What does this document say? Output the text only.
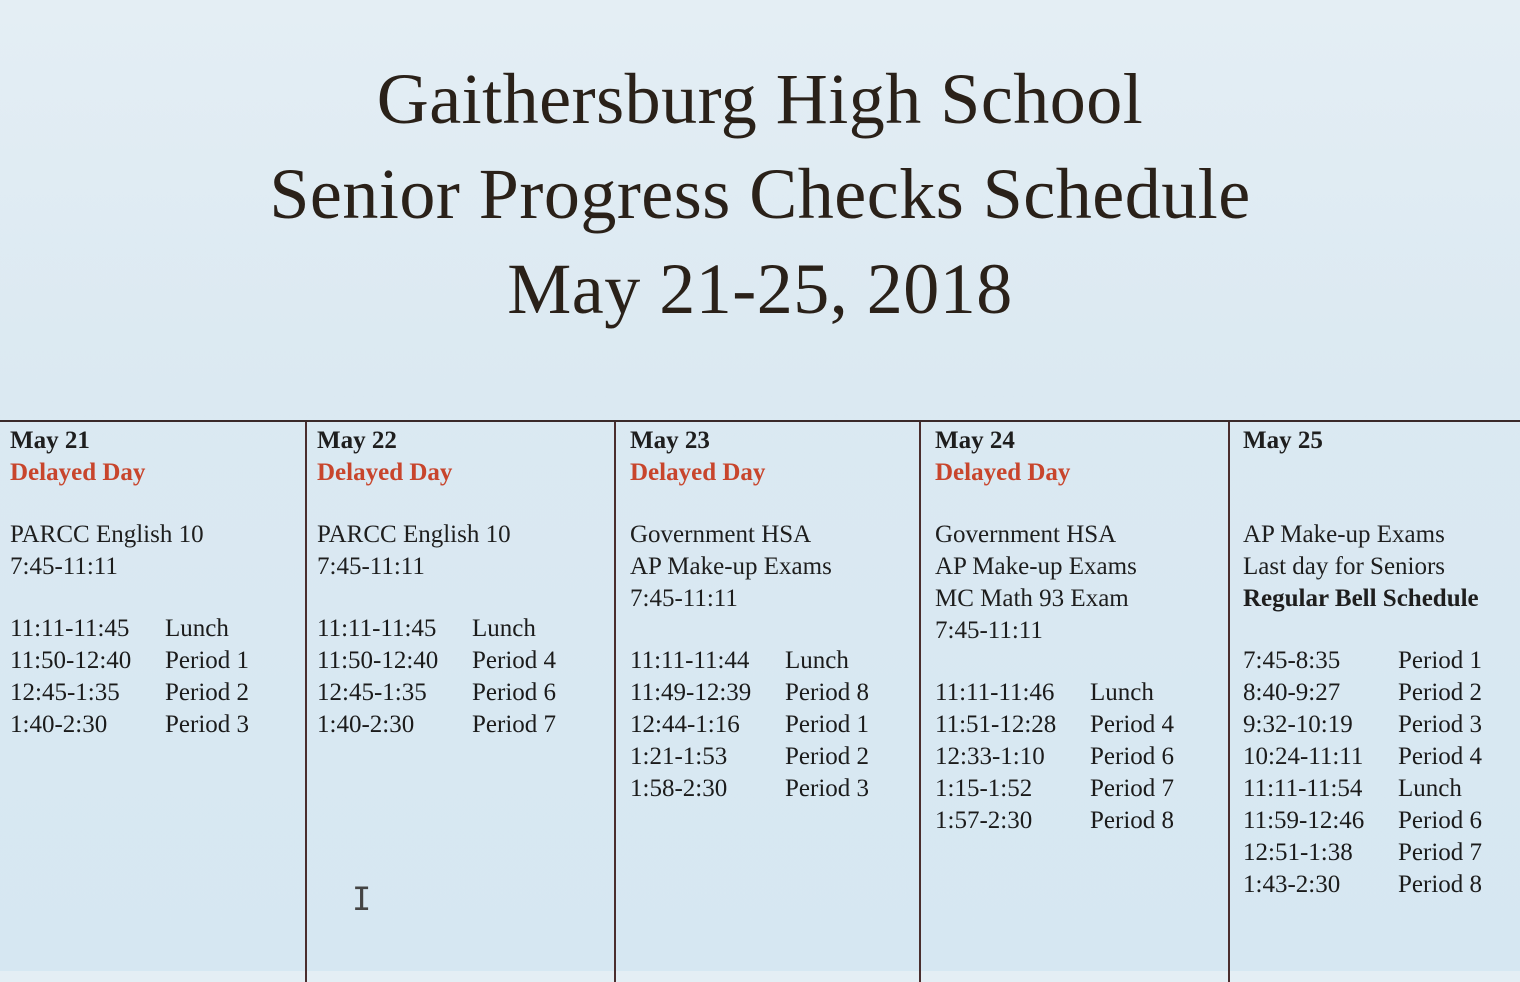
Gaithersburg High School
Senior Progress Checks Schedule
May 21-25, 2018
May 21
Delayed Day
PARCC English 10
7:45-11:11
11:11-11:45	Lunch
11:50-12:40	Period 1
12:45-1:35	Period 2
1:40-2:30	Period 3
May 22
Delayed Day
PARCC English 10
7:45-11:11
11:11-11:45	Lunch
11:50-12:40	Period 4
12:45-1:35	Period 6
1:40-2:30	Period 7
May 23
Delayed Day
Government HSA
AP Make-up Exams
7:45-11:11
11:11-11:44	Lunch
11:49-12:39	Period 8
12:44-1:16	Period 1
1:21-1:53	Period 2
1:58-2:30	Period 3
May 24
Delayed Day
Government HSA
AP Make-up Exams
MC Math 93 Exam
7:45-11:11
11:11-11:46	Lunch
11:51-12:28	Period 4
12:33-1:10	Period 6
1:15-1:52	Period 7
1:57-2:30	Period 8
May 25

AP Make-up Exams
Last day for Seniors
Regular Bell Schedule
7:45-8:35	Period 1
8:40-9:27	Period 2
9:32-10:19	Period 3
10:24-11:11	Period 4
11:11-11:54	Lunch
11:59-12:46	Period 6
12:51-1:38	Period 7
1:43-2:30	Period 8
I
